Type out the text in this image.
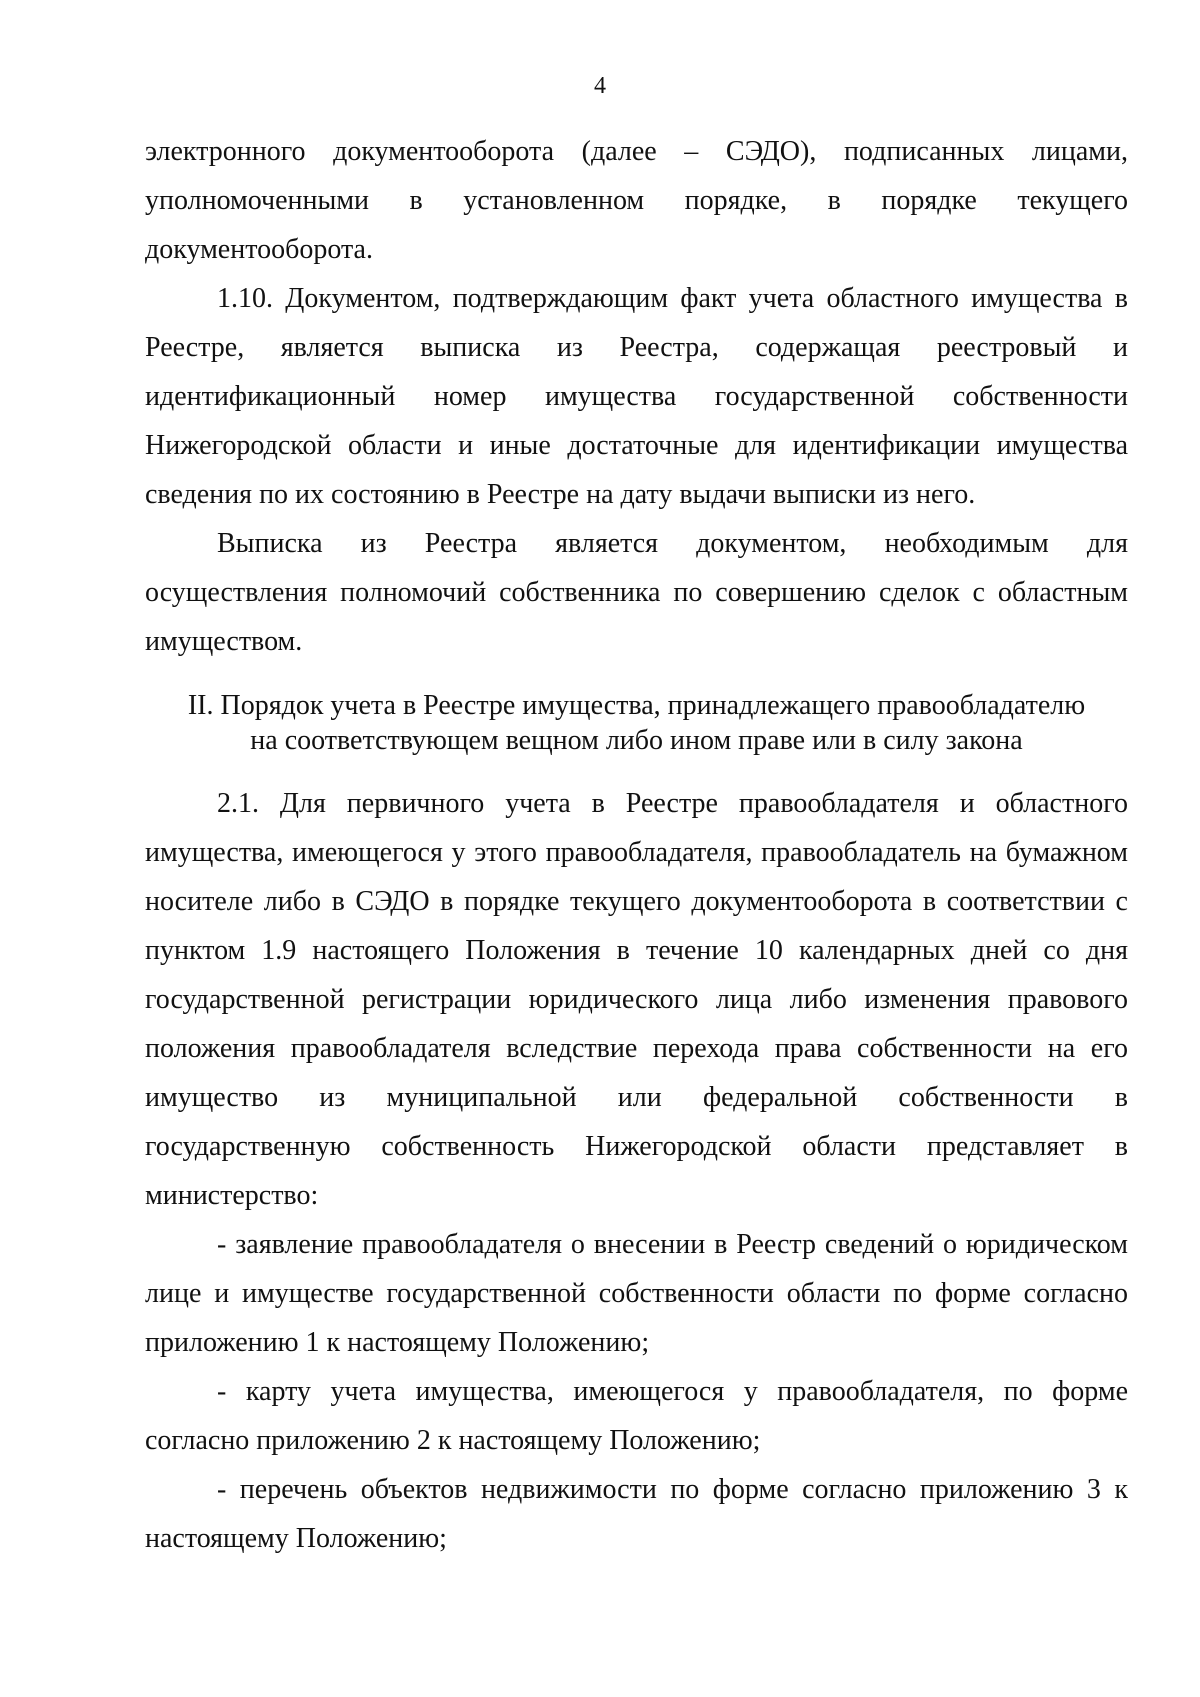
4

электронного документооборота (далее – СЭДО), подписанных лицами, уполномоченными в установленном порядке, в порядке текущего документооборота.

1.10. Документом, подтверждающим факт учета областного имущества в Реестре, является выписка из Реестра, содержащая реестровый и идентификационный номер имущества государственной собственности Нижегородской области и иные достаточные для идентификации имущества сведения по их состоянию в Реестре на дату выдачи выписки из него.

Выписка из Реестра является документом, необходимым для осуществления полномочий собственника по совершению сделок с областным имуществом.

II. Порядок учета в Реестре имущества, принадлежащего правообладателю
на соответствующем вещном либо ином праве или в силу закона

2.1. Для первичного учета в Реестре правообладателя и областного имущества, имеющегося у этого правообладателя, правообладатель на бумажном носителе либо в СЭДО в порядке текущего документооборота в соответствии с пунктом 1.9 настоящего Положения в течение 10 календарных дней со дня государственной регистрации юридического лица либо изменения правового положения правообладателя вследствие перехода права собственности на его имущество из муниципальной или федеральной собственности в государственную собственность Нижегородской области представляет в министерство:

- заявление правообладателя о внесении в Реестр сведений о юридическом лице и имуществе государственной собственности области по форме согласно приложению 1 к настоящему Положению;

- карту учета имущества, имеющегося у правообладателя, по форме согласно приложению 2 к настоящему Положению;

- перечень объектов недвижимости по форме согласно приложению 3 к настоящему Положению;
